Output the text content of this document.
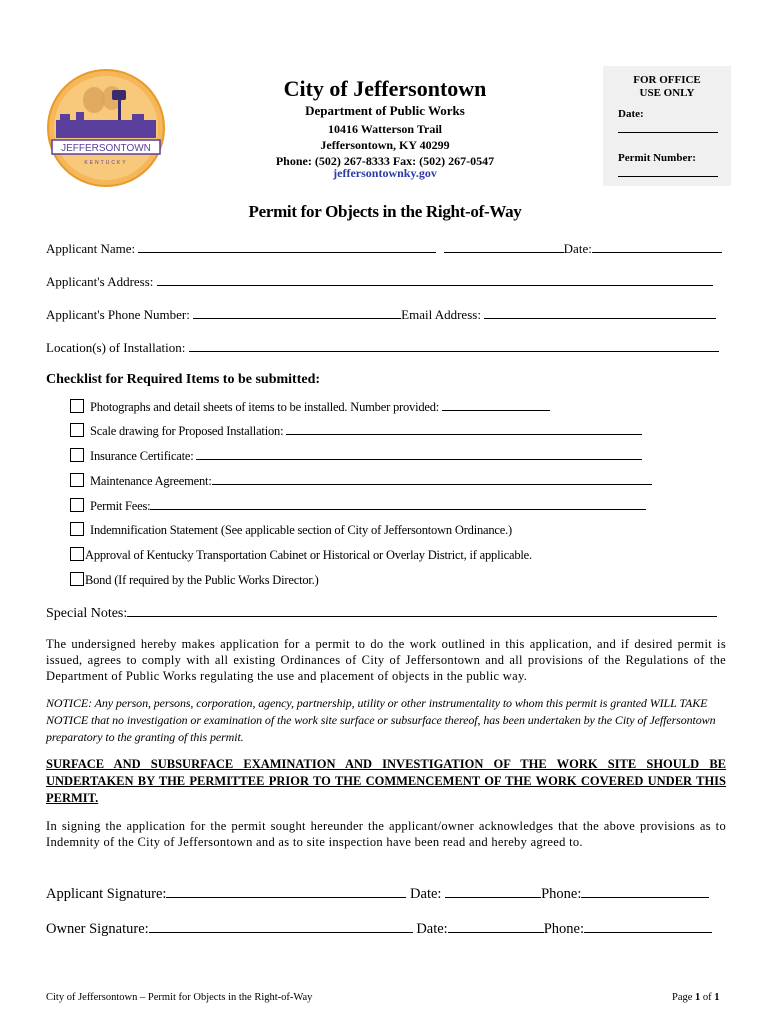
JEFFERSONTOWN
KENTUCKY
City of Jeffersontown
Department of Public Works
10416 Watterson Trail
Jeffersontown, KY 40299
Phone: (502) 267-8333 Fax: (502) 267-0547
jeffersontownky.gov
FOR OFFICE
USE ONLY
Date:
Permit Number:
Permit for Objects in the Right-of-Way
Applicant Name:	Date:
Applicant's Address:
Applicant's Phone Number:	Email Address:
Location(s) of Installation:
Checklist for Required Items to be submitted:
Photographs and detail sheets of items to be installed. Number provided:
Scale drawing for Proposed Installation:
Insurance Certificate:
Maintenance Agreement:
Permit Fees:
Indemnification Statement (See applicable section of City of Jeffersontown Ordinance.)
Approval of Kentucky Transportation Cabinet or Historical or Overlay District, if applicable.
Bond (If required by the Public Works Director.)
Special Notes:
The undersigned hereby makes application for a permit to do the work outlined in this application, and if desired permit is issued, agrees to comply with all existing Ordinances of City of Jeffersontown and all provisions of the Regulations of the Department of Public Works regulating the use and placement of objects in the public way.
NOTICE: Any person, persons, corporation, agency, partnership, utility or other instrumentality to whom this permit is granted WILL TAKE NOTICE that no investigation or examination of the work site surface or subsurface thereof, has been undertaken by the City of Jeffersontown preparatory to the granting of this permit.
SURFACE AND SUBSURFACE EXAMINATION AND INVESTIGATION OF THE WORK SITE SHOULD BE UNDERTAKEN BY THE PERMITTEE PRIOR TO THE COMMENCEMENT OF THE WORK COVERED UNDER THIS PERMIT.
In signing the application for the permit sought hereunder the applicant/owner acknowledges that the above provisions as to Indemnity of the City of Jeffersontown and as to site inspection have been read and hereby agreed to.
Applicant Signature:	Date:	Phone:
Owner Signature:	Date:	Phone:
City of Jeffersontown – Permit for Objects in the Right-of-Way	Page 1 of 1
